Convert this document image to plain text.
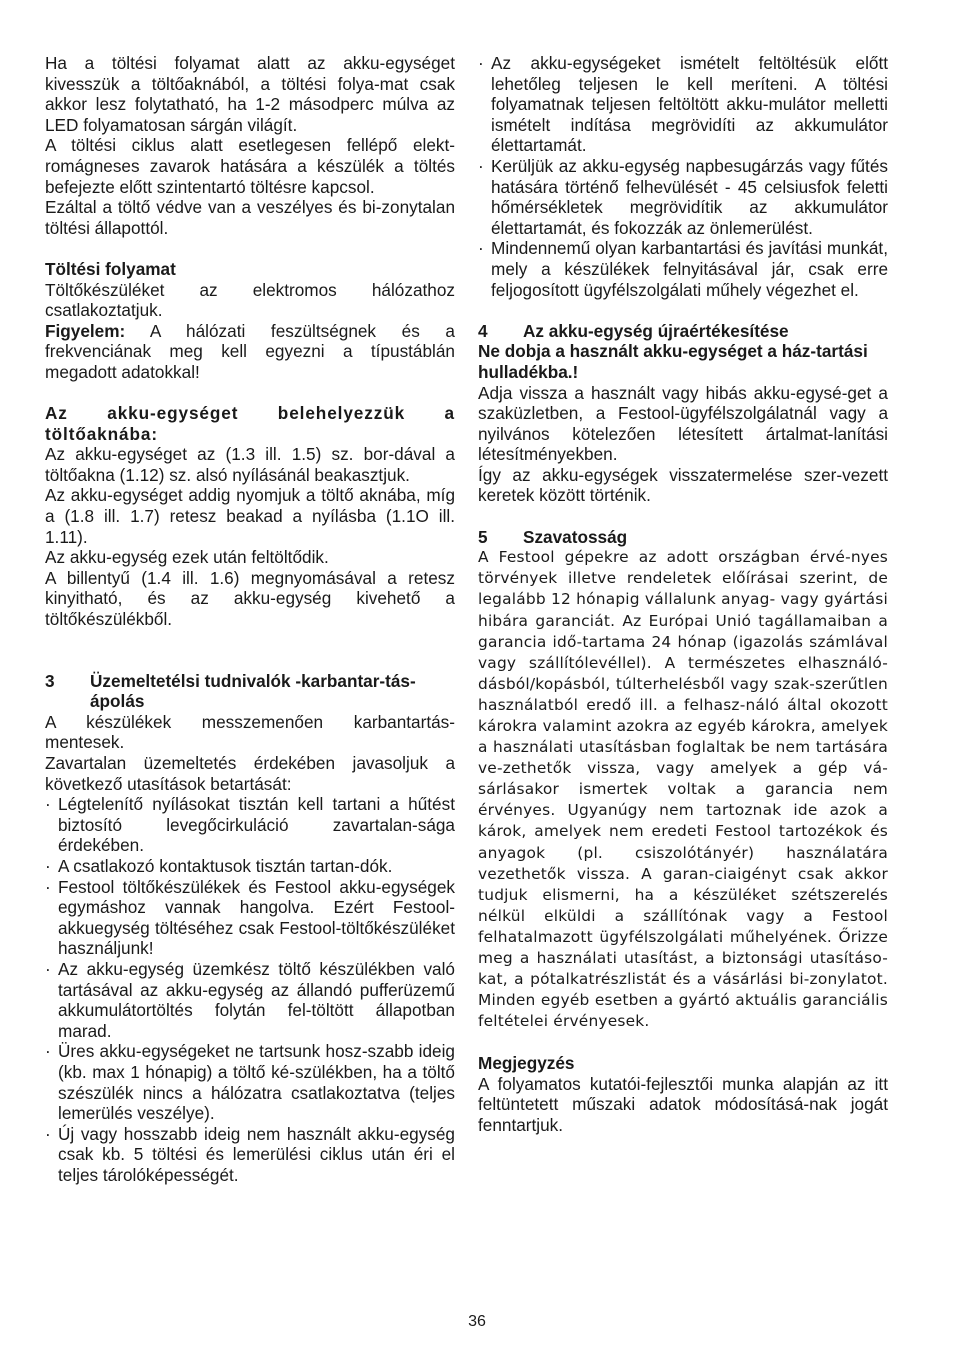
Ha a töltési folyamat alatt az akku-egységet kivesszük a töltőaknából, a töltési folya-mat csak akkor lesz folytatható, ha 1-2 másodperc múlva az LED folyamatosan sárgán világít.

A töltési ciklus alatt esetlegesen fellépő elekt-romágneses zavarok hatására a készülék a töltés befejezte előtt szintentartó töltésre kapcsol.

Ezáltal a töltő védve van a veszélyes és bi-zonytalan töltési állapottól.

Töltési folyamat

Töltőkészüléket az elektromos hálózathoz csatlakoztatjuk.

Figyelem: A hálózati feszültségnek és a frekvenciának meg kell egyezni a típustáblán megadott adatokkal!

Az akku-egységet belehelyezzük a töltőaknába:

Az akku-egységet az (1.3 ill. 1.5) sz. bor-dával a töltőakna (1.12) sz. alsó nyílásánál beakasztjuk.

Az akku-egységet addig nyomjuk a töltő aknába, míg a (1.8 ill. 1.7) retesz beakad a nyílásba (1.1O ill. 1.11).

Az akku-egység ezek után feltöltődik.

A billentyű (1.4 ill. 1.6) megnyomásával a retesz kinyitható, és az akku-egység kivehető a töltőkészülékből.

3	Üzemeltetélsi tudnivalók -karbantar-tás- ápolás

A készülékek messzemenően karbantartás-mentesek.

Zavartalan üzemeltetés érdekében javasoljuk a következő utasítások betartását:

· Légtelenítő nyílásokat tisztán kell tartani a hűtést biztosító levegőcirkuláció zavartalan-sága érdekében.
· A csatlakozó kontaktusok tisztán tartan-dók.
· Festool töltőkészülékek és Festool akku-egységek egymáshoz vannak hangolva. Ezért Festool-akkuegység töltéséhez csak Festool-töltőkészüléket használjunk!
· Az akku-egység üzemkész töltő készülékben való tartásával az akku-egység az állandó pufferüzemű akkumulátortöltés folytán fel-töltött állapotban marad.
· Üres akku-egységeket ne tartsunk hosz-szabb ideig (kb. max 1 hónapig) a töltő ké-szülékben, ha a töltő szészülék nincs a hálózatra csatlakoztatva (teljes lemerülés veszélye).
· Új vagy hosszabb ideig nem használt akku-egység csak kb. 5 töltési és lemerülési ciklus után éri el teljes tárolóképességét.
· Az akku-egységeket ismételt feltöltésük előtt lehetőleg teljesen le kell meríteni. A töltési folyamatnak teljesen feltöltött akku-mulátor melletti ismételt indítása megrövidíti az akkumulátor élettartamát.
· Kerüljük az akku-egység napbesugárzás vagy fűtés hatására történő felhevülését - 45 celsiusfok feletti hőmérsékletek megrövidítik az akkumulátor élettartamát, és fokozzák az önlemerülést.
· Mindennemű olyan karbantartási és javítási munkát, mely a készülékek felnyitásával jár, csak erre feljogosított ügyfélszolgálati műhely végezhet el.
4	Az akku-egység újraértékesítése

Ne dobja a használt akku-egységet a ház-tartási hulladékba.!

Adja vissza a használt vagy hibás akku-egysé-get a szaküzletben, a Festool-ügyfélszolgálatnál vagy a nyilvános kötelezően létesített ártalmat-lanítási létesítményekben.

Így az akku-egységek visszatermelése szer-vezett keretek között történik.

5	Szavatosság

A Festool gépekre az adott országban érvé-nyes törvények illetve rendeletek előírásai szerint, de legalább 12 hónapig vállalunk anyag- vagy gyártási hibára garanciát. Az Európai Unió tagállamaiban a garancia idő-tartama 24 hónap (igazolás számlával vagy szállítólevéllel). A természetes elhasználó-dásból/kopásból, túlterhelésből vagy szak-szerűtlen használatból eredő ill. a felhasz-náló által okozott károkra valamint azokra az egyéb károkra, amelyek a használati utasításban foglaltak be nem tartására ve-zethetők vissza, vagy amelyek a gép vá-sárlásakor ismertek voltak a garancia nem érvényes. Ugyanúgy nem tartoznak ide azok a károk, amelyek nem eredeti Festool tartozékok és anyagok (pl. csiszolótányér) használatára vezethetők vissza. A garan-ciaigényt csak akkor tudjuk elismerni, ha a készüléket szétszerelés nélkül elküldi a szállítónak vagy a Festool felhatalmazott ügyfélszolgálati műhelyének. Őrizze meg a használati utasítást, a biztonsági utasításo-kat, a pótalkatrészlistát és a vásárlási bi-zonylatot. Minden egyéb esetben a gyártó aktuális garanciális feltételei érvényesek.

Megjegyzés

A folyamatos kutatói-fejlesztői munka alapján az itt feltüntetett műszaki adatok módosításá-nak jogát fenntartjuk.

36
